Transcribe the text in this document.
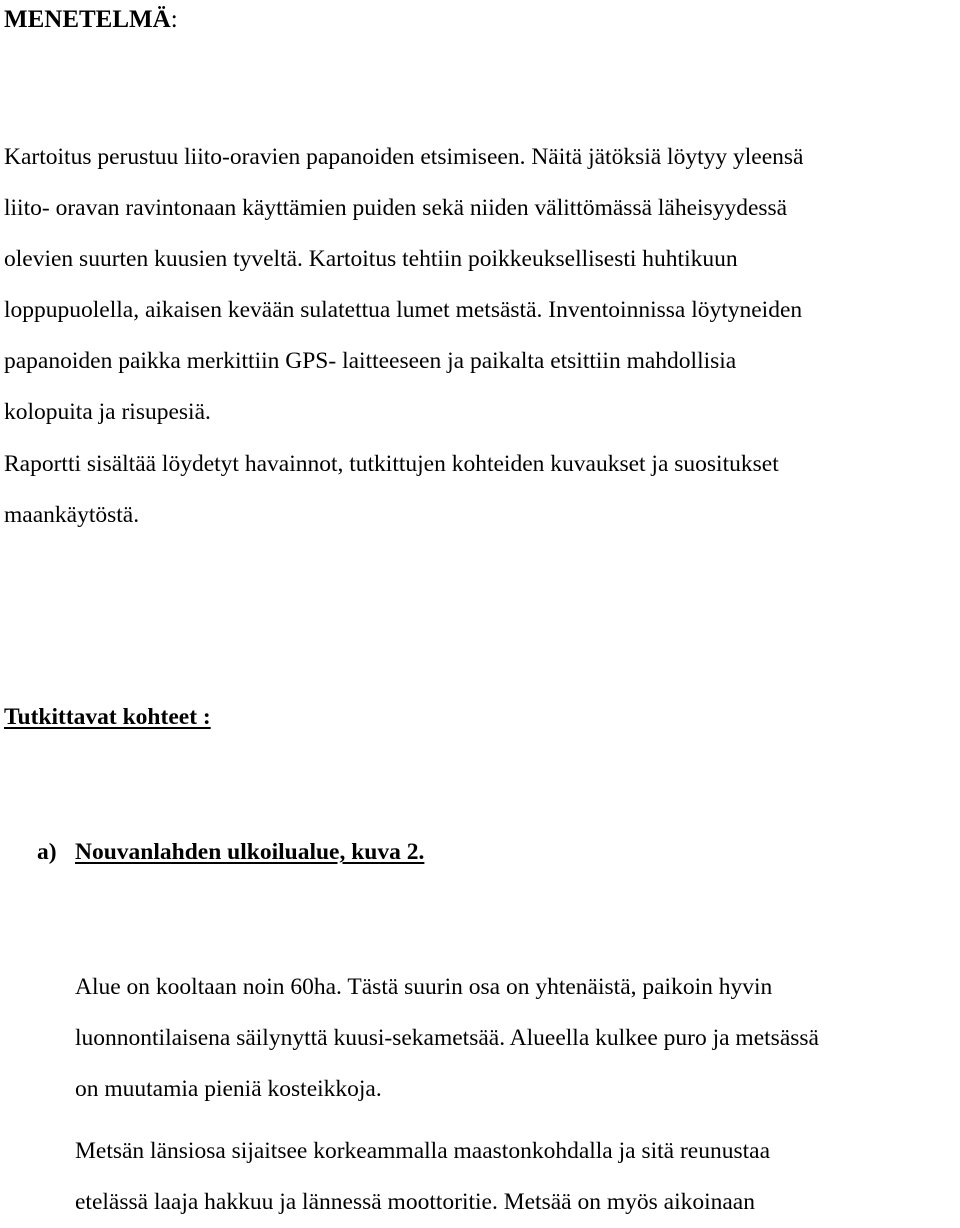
MENETELMÄ:
Kartoitus perustuu liito-oravien papanoiden etsimiseen. Näitä jätöksiä löytyy yleensä
liito- oravan ravintonaan käyttämien puiden sekä niiden välittömässä läheisyydessä
olevien suurten kuusien tyveltä. Kartoitus tehtiin poikkeuksellisesti huhtikuun
loppupuolella, aikaisen kevään sulatettua lumet metsästä. Inventoinnissa löytyneiden
papanoiden paikka merkittiin GPS- laitteeseen ja paikalta etsittiin mahdollisia
kolopuita ja risupesiä.
Raportti sisältää löydetyt havainnot, tutkittujen kohteiden kuvaukset ja suositukset
maankäytöstä.
Tutkittavat kohteet :
a) Nouvanlahden ulkoilualue, kuva 2.
Alue on kooltaan noin 60ha. Tästä suurin osa on yhtenäistä, paikoin hyvin
luonnontilaisena säilynyttä kuusi-sekametsää. Alueella kulkee puro ja metsässä
on muutamia pieniä kosteikkoja.
Metsän länsiosa sijaitsee korkeammalla maastonkohdalla ja sitä reunustaa
etelässä laaja hakkuu ja lännessä moottoritie. Metsää on myös aikoinaan
